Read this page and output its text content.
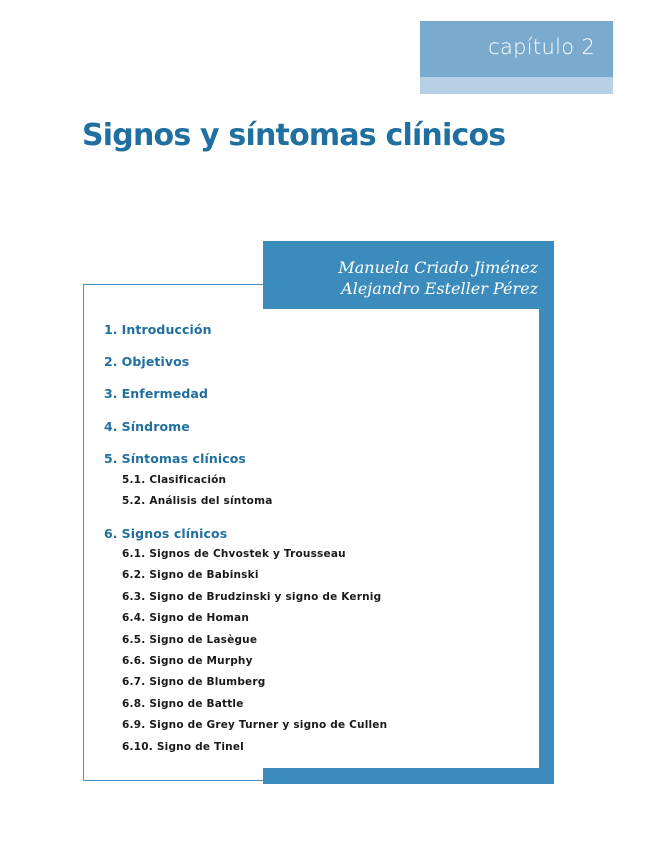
capítulo 2
Signos y síntomas clínicos
Manuela Criado Jiménez
Alejandro Esteller Pérez
1. Introducción
2. Objetivos
3. Enfermedad
4. Síndrome
5. Síntomas clínicos
5.1. Clasificación
5.2. Análisis del síntoma
6. Signos clínicos
6.1. Signos de Chvostek y Trousseau
6.2. Signo de Babinski
6.3. Signo de Brudzinski y signo de Kernig
6.4. Signo de Homan
6.5. Signo de Lasègue
6.6. Signo de Murphy
6.7. Signo de Blumberg
6.8. Signo de Battle
6.9. Signo de Grey Turner y signo de Cullen
6.10. Signo de Tinel
